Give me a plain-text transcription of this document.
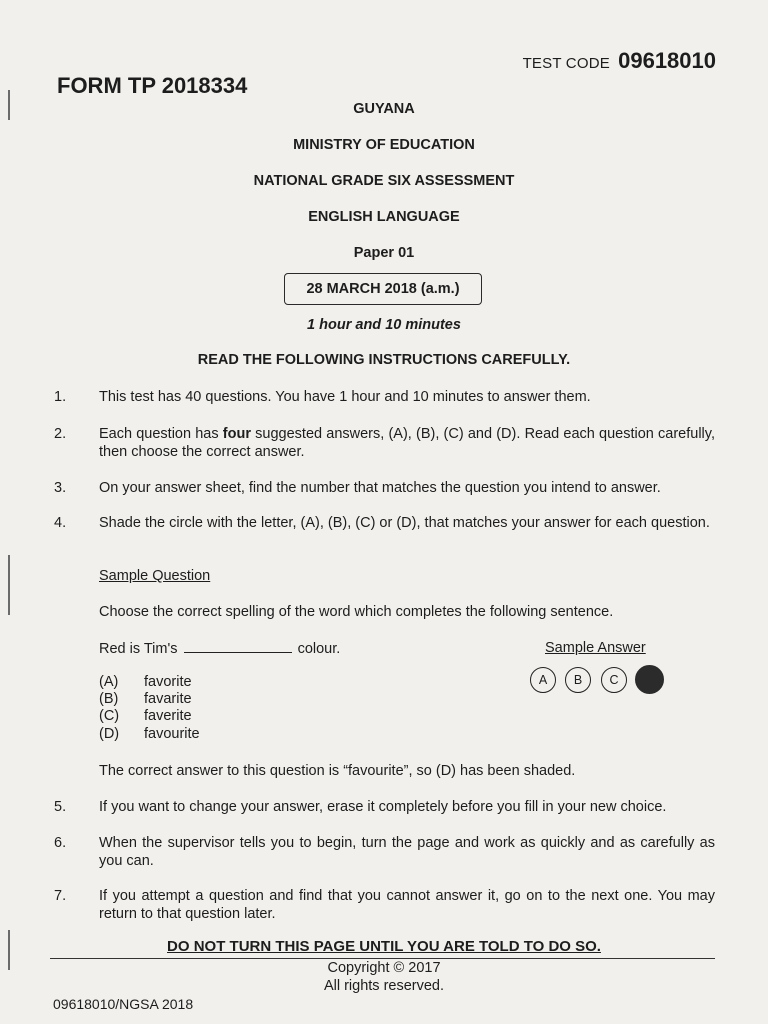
TEST CODE 09618010
FORM TP 2018334
GUYANA
MINISTRY OF EDUCATION
NATIONAL GRADE SIX ASSESSMENT
ENGLISH LANGUAGE
Paper 01
28 MARCH 2018 (a.m.)
1 hour and 10 minutes
READ THE FOLLOWING INSTRUCTIONS CAREFULLY.
1. This test has 40 questions. You have 1 hour and 10 minutes to answer them.
2. Each question has four suggested answers, (A), (B), (C) and (D). Read each question carefully, then choose the correct answer.
3. On your answer sheet, find the number that matches the question you intend to answer.
4. Shade the circle with the letter, (A), (B), (C) or (D), that matches your answer for each question.
Sample Question
Choose the correct spelling of the word which completes the following sentence.
Red is Tim's	colour.	Sample Answer
(A) favorite
(B) favarite
(C) faverite
(D) favourite
A	B	C
The correct answer to this question is “favourite”, so (D) has been shaded.
5. If you want to change your answer, erase it completely before you fill in your new choice.
6. When the supervisor tells you to begin, turn the page and work as quickly and as carefully as you can.
7. If you attempt a question and find that you cannot answer it, go on to the next one. You may return to that question later.
DO NOT TURN THIS PAGE UNTIL YOU ARE TOLD TO DO SO.
Copyright © 2017
All rights reserved.
09618010/NGSA 2018
